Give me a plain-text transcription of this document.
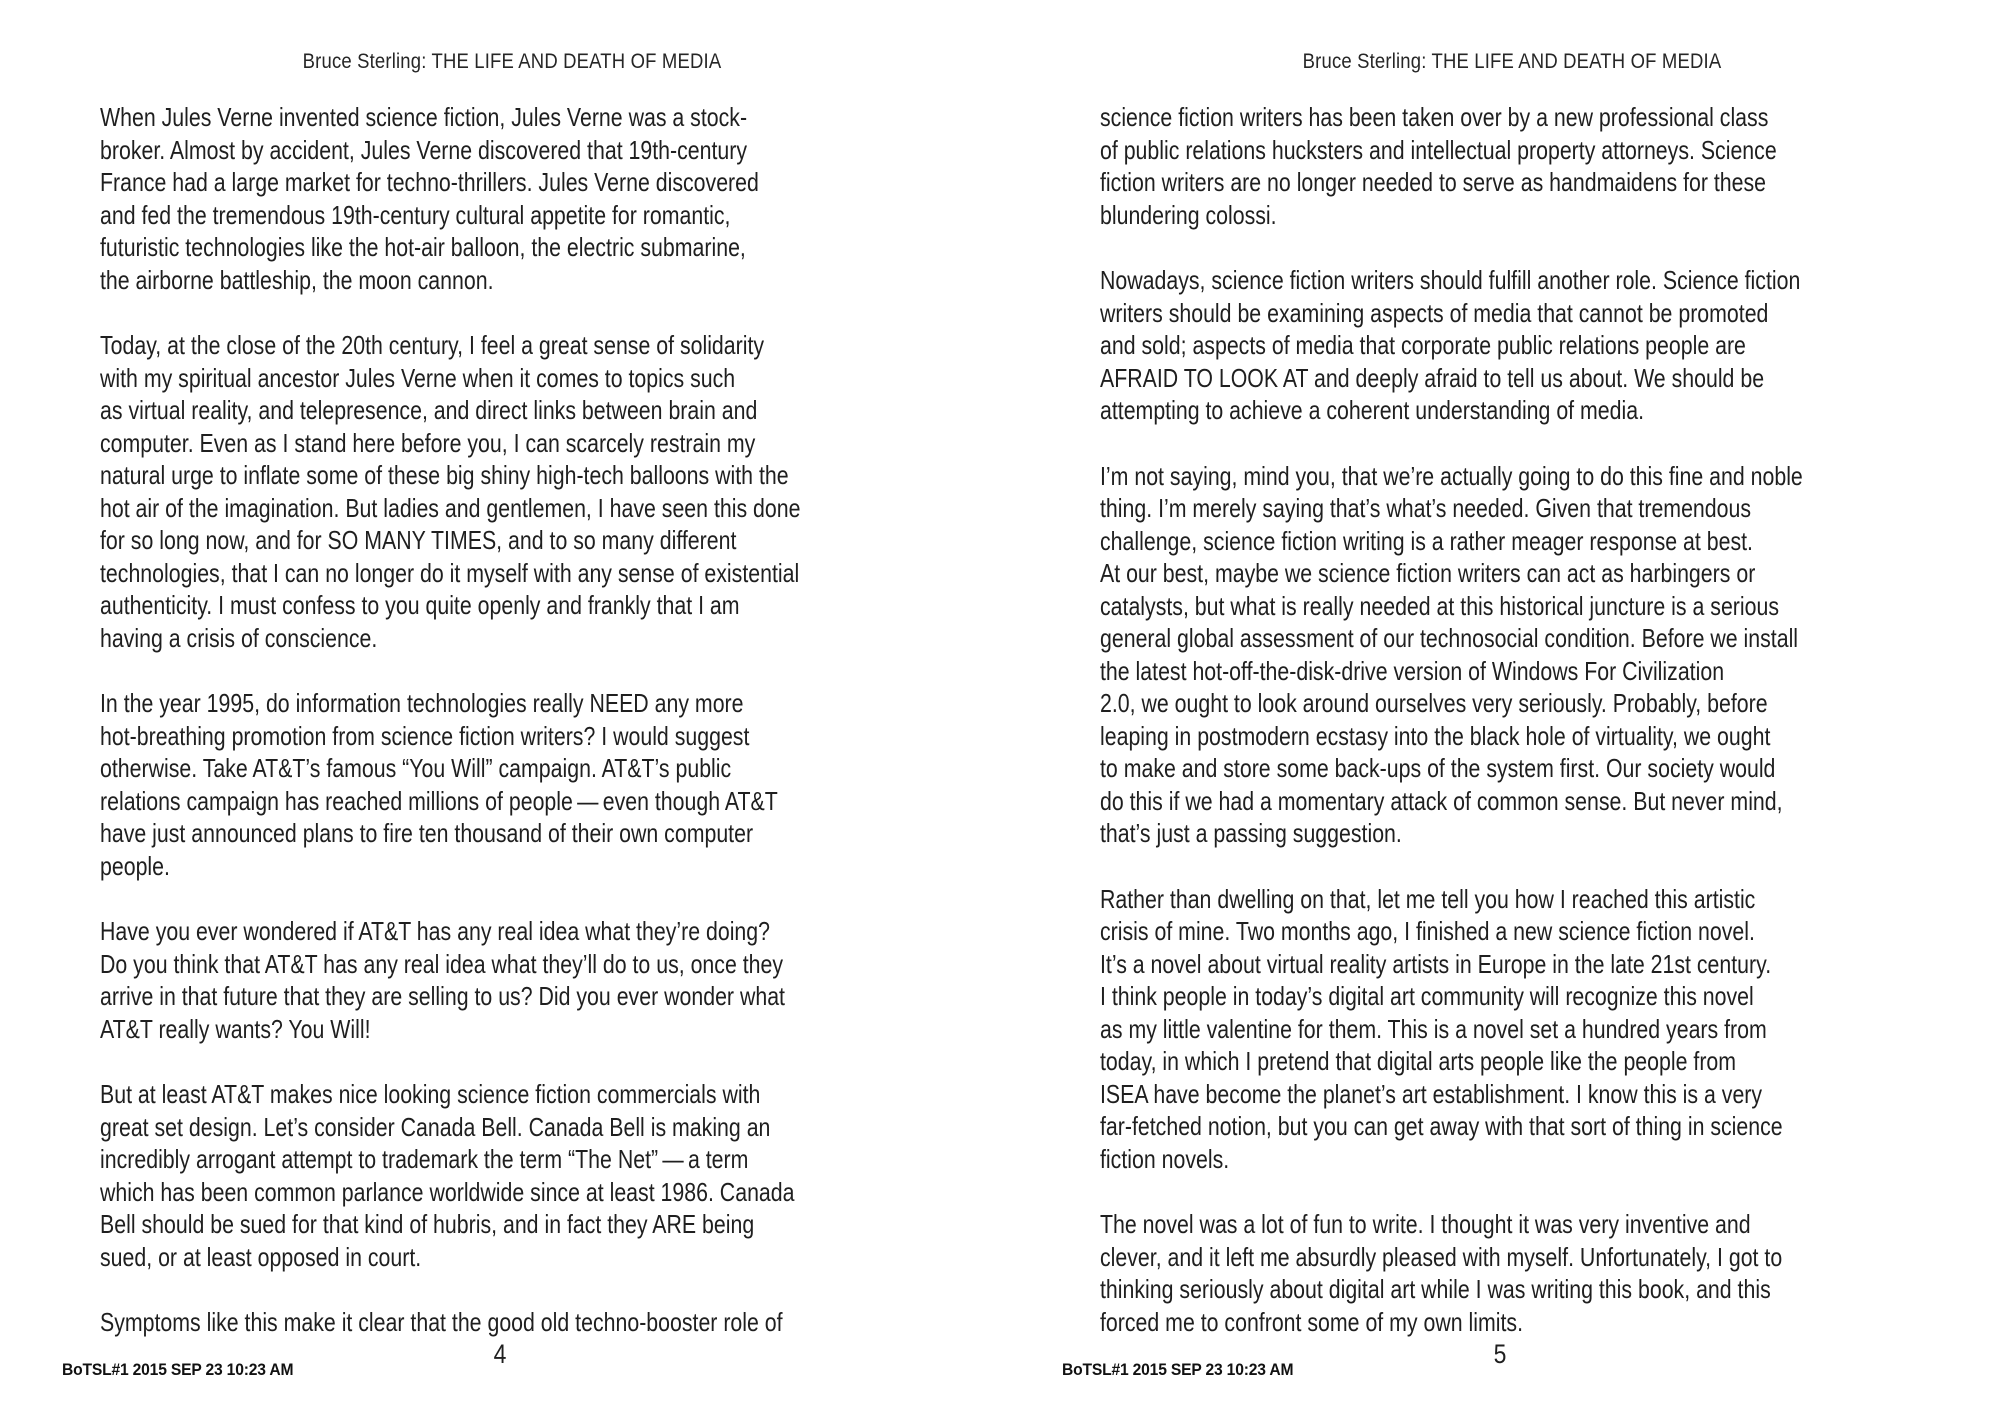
Bruce Sterling: THE LIFE AND DEATH OF MEDIA
When Jules Verne invented science fiction, Jules Verne was a stock-
broker. Almost by accident, Jules Verne discovered that 19th-century
France had a large market for techno-thrillers. Jules Verne discovered
and fed the tremendous 19th-century cultural appetite for romantic,
futuristic technologies like the hot-air balloon, the electric submarine,
the airborne battleship, the moon cannon.
Today, at the close of the 20th century, I feel a great sense of solidarity
with my spiritual ancestor Jules Verne when it comes to topics such
as virtual reality, and telepresence, and direct links between brain and
computer. Even as I stand here before you, I can scarcely restrain my
natural urge to inflate some of these big shiny high-tech balloons with the
hot air of the imagination. But ladies and gentlemen, I have seen this done
for so long now, and for SO MANY TIMES, and to so many different
technologies, that I can no longer do it myself with any sense of existential
authenticity. I must confess to you quite openly and frankly that I am
having a crisis of conscience.
In the year 1995, do information technologies really NEED any more
hot-breathing promotion from science fiction writers? I would suggest
otherwise. Take AT&T’s famous “You Will” campaign. AT&T’s public
relations campaign has reached millions of people — even though AT&T
have just announced plans to fire ten thousand of their own computer
people.
Have you ever wondered if AT&T has any real idea what they’re doing?
Do you think that AT&T has any real idea what they’ll do to us, once they
arrive in that future that they are selling to us? Did you ever wonder what
AT&T really wants? You Will!
But at least AT&T makes nice looking science fiction commercials with
great set design. Let’s consider Canada Bell. Canada Bell is making an
incredibly arrogant attempt to trademark the term “The Net” — a term
which has been common parlance worldwide since at least 1986. Canada
Bell should be sued for that kind of hubris, and in fact they ARE being
sued, or at least opposed in court.
Symptoms like this make it clear that the good old techno-booster role of
4
BoTSL#1 2015 SEP 23 10:23 AM
Bruce Sterling: THE LIFE AND DEATH OF MEDIA
science fiction writers has been taken over by a new professional class
of public relations hucksters and intellectual property attorneys. Science
fiction writers are no longer needed to serve as handmaidens for these
blundering colossi.
Nowadays, science fiction writers should fulfill another role. Science fiction
writers should be examining aspects of media that cannot be promoted
and sold; aspects of media that corporate public relations people are
AFRAID TO LOOK AT and deeply afraid to tell us about. We should be
attempting to achieve a coherent understanding of media.
I’m not saying, mind you, that we’re actually going to do this fine and noble
thing. I’m merely saying that’s what’s needed. Given that tremendous
challenge, science fiction writing is a rather meager response at best.
At our best, maybe we science fiction writers can act as harbingers or
catalysts, but what is really needed at this historical juncture is a serious
general global assessment of our technosocial condition. Before we install
the latest hot-off-the-disk-drive version of Windows For Civilization
2.0, we ought to look around ourselves very seriously. Probably, before
leaping in postmodern ecstasy into the black hole of virtuality, we ought
to make and store some back-ups of the system first. Our society would
do this if we had a momentary attack of common sense. But never mind,
that’s just a passing suggestion.
Rather than dwelling on that, let me tell you how I reached this artistic
crisis of mine. Two months ago, I finished a new science fiction novel.
It’s a novel about virtual reality artists in Europe in the late 21st century.
I think people in today’s digital art community will recognize this novel
as my little valentine for them. This is a novel set a hundred years from
today, in which I pretend that digital arts people like the people from
ISEA have become the planet’s art establishment. I know this is a very
far-fetched notion, but you can get away with that sort of thing in science
fiction novels.
The novel was a lot of fun to write. I thought it was very inventive and
clever, and it left me absurdly pleased with myself. Unfortunately, I got to
thinking seriously about digital art while I was writing this book, and this
forced me to confront some of my own limits.
5
BoTSL#1 2015 SEP 23 10:23 AM
